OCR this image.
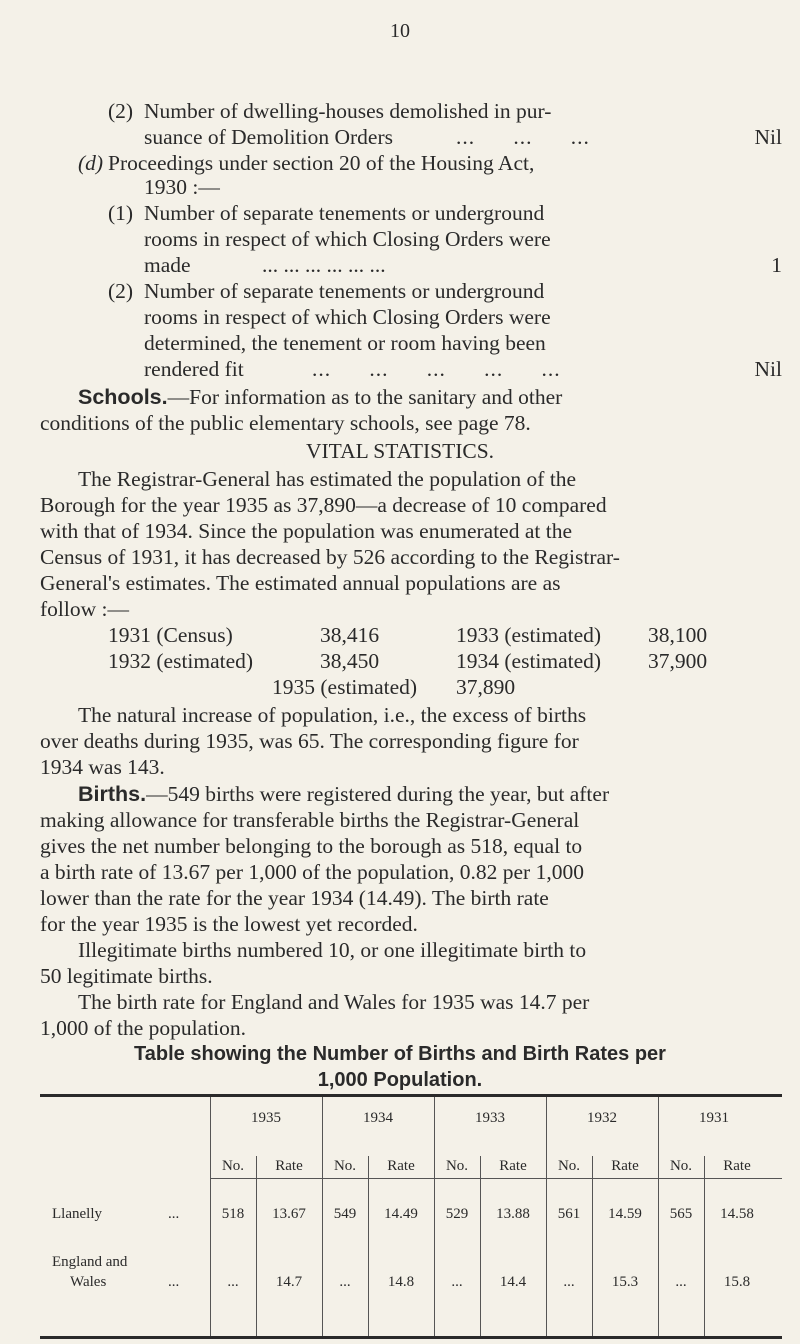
10
(2) Number of dwelling-houses demolished in pur-
suance of Demolition Orders	...      ...      ...	Nil
(d) Proceedings under section 20 of the Housing Act,
1930 :—
(1) Number of separate tenements or underground
rooms in respect of which Closing Orders were
made	... ... ... ... ... ...	1
(2) Number of separate tenements or underground
rooms in respect of which Closing Orders were
determined, the tenement or room having been
rendered fit	...      ...      ...      ...      ...	Nil
Schools.—For information as to the sanitary and other
conditions of the public elementary schools, see page 78.
VITAL STATISTICS.
The Registrar-General has estimated the population of the
Borough for the year 1935 as 37,890—a decrease of 10 compared
with that of 1934. Since the population was enumerated at the
Census of 1931, it has decreased by 526 according to the Registrar-
General's estimates. The estimated annual populations are as
follow :—
1931 (Census)	38,416	1933 (estimated) 38,100
1932 (estimated)	38,450	1934 (estimated) 37,900
1935 (estimated) 37,890
The natural increase of population, i.e., the excess of births
over deaths during 1935, was 65. The corresponding figure for
1934 was 143.
Births.—549 births were registered during the year, but after
making allowance for transferable births the Registrar-General
gives the net number belonging to the borough as 518, equal to
a birth rate of 13.67 per 1,000 of the population, 0.82 per 1,000
lower than the rate for the year 1934 (14.49). The birth rate
for the year 1935 is the lowest yet recorded.
Illegitimate births numbered 10, or one illegitimate birth to
50 legitimate births.
The birth rate for England and Wales for 1935 was 14.7 per
1,000 of the population.
Table showing the Number of Births and Birth Rates per
1,000 Population.
1935	1934	1933	1932	1931
No.	Rate	No.	Rate	No.	Rate	No.	Rate	No.	Rate
Llanelly	...	518	13.67	549	14.49	529	13.88	561	14.59	565	14.58
England and
Wales	...	...	14.7	...	14.8	...	14.4	...	15.3	...	15.8
